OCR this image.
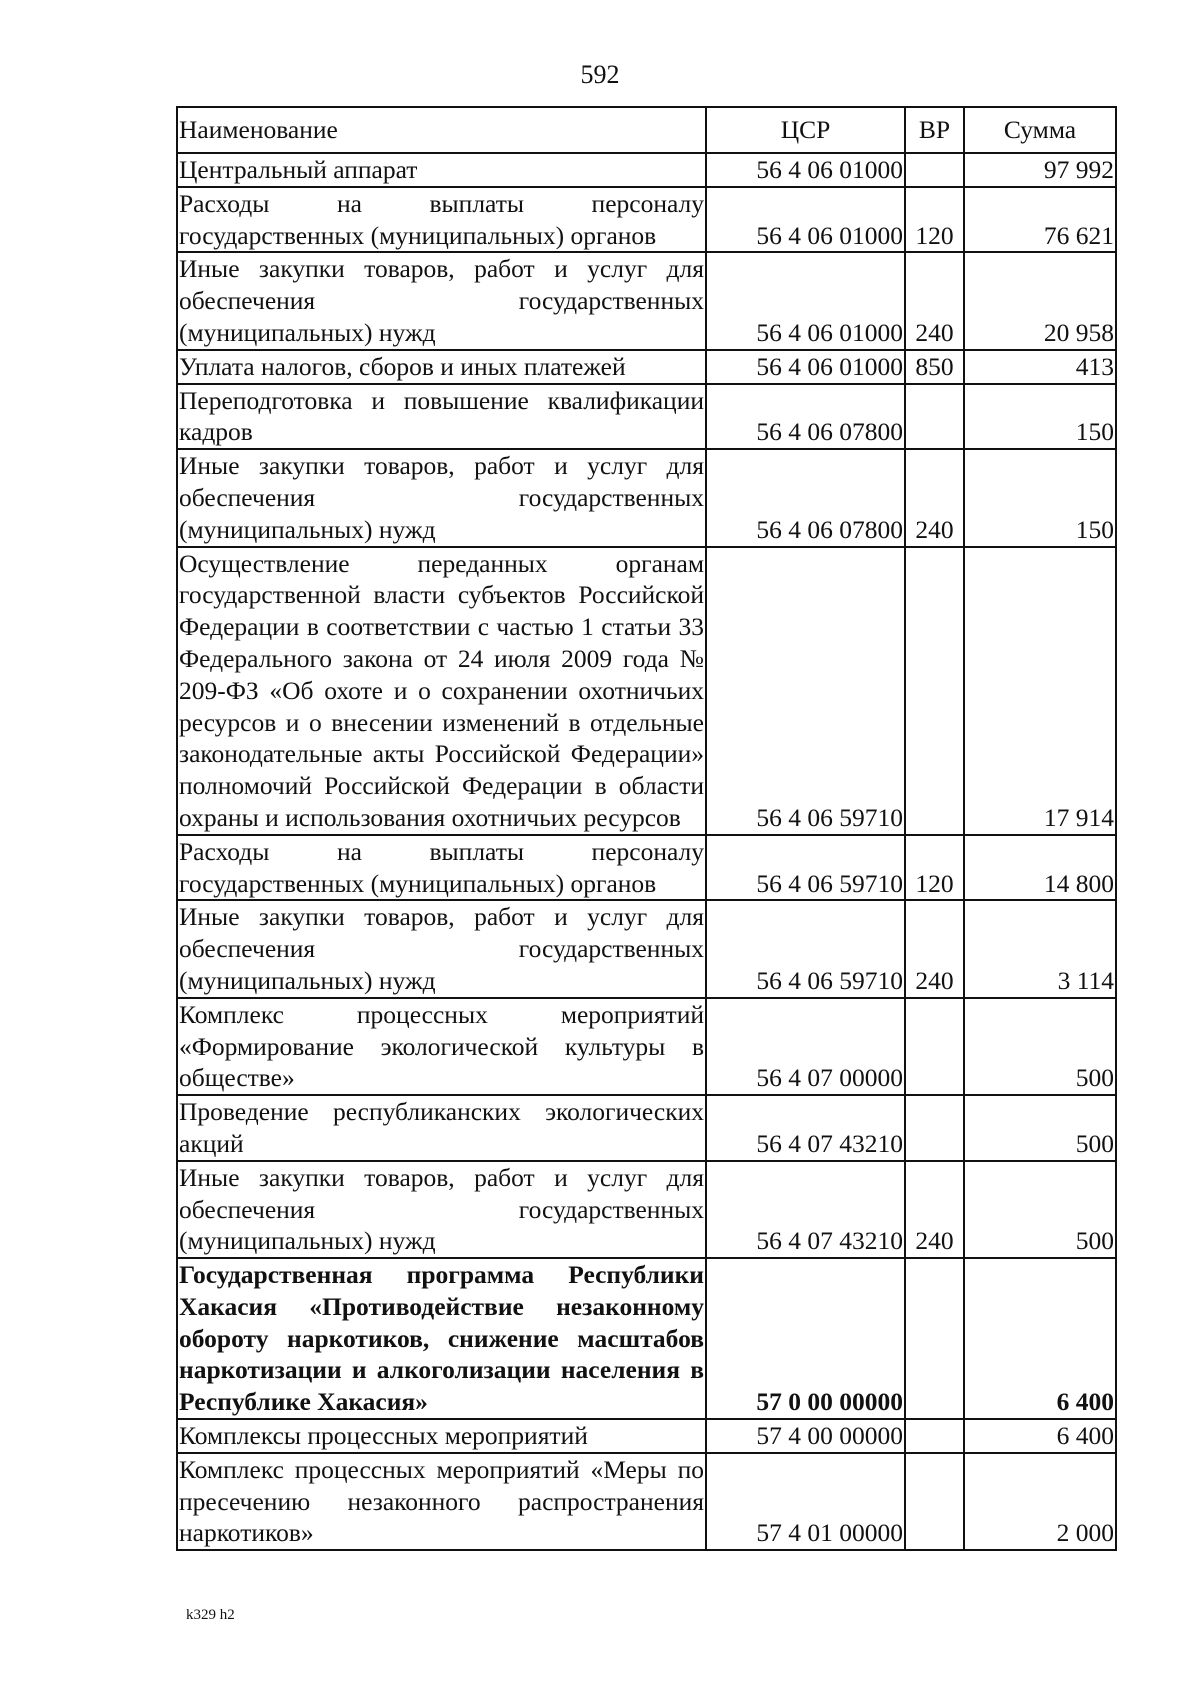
592
Наименование	ЦСР	ВР	Сумма
Центральный аппарат	56 4 06 01000		97 992
Расходы на выплаты персоналу государственных (муниципальных) органов	56 4 06 01000	120	76 621
Иные закупки товаров, работ и услуг для обеспечения государственных (муниципальных) нужд	56 4 06 01000	240	20 958
Уплата налогов, сборов и иных платежей	56 4 06 01000	850	413
Переподготовка и повышение квалификации кадров	56 4 06 07800		150
Иные закупки товаров, работ и услуг для обеспечения государственных (муниципальных) нужд	56 4 06 07800	240	150
Осуществление переданных органам государственной власти субъектов Российской Федерации в соответствии с частью 1 статьи 33 Федерального закона от 24 июля 2009 года № 209-ФЗ «Об охоте и о сохранении охотничьих ресурсов и о внесении изменений в отдельные законодательные акты Российской Федерации» полномочий Российской Федерации в области охраны и использования охотничьих ресурсов	56 4 06 59710		17 914
Расходы на выплаты персоналу государственных (муниципальных) органов	56 4 06 59710	120	14 800
Иные закупки товаров, работ и услуг для обеспечения государственных (муниципальных) нужд	56 4 06 59710	240	3 114
Комплекс процессных мероприятий «Формирование экологической культуры в обществе»	56 4 07 00000		500
Проведение республиканских экологических акций	56 4 07 43210		500
Иные закупки товаров, работ и услуг для обеспечения государственных (муниципальных) нужд	56 4 07 43210	240	500
Государственная программа Республики Хакасия «Противодействие незаконному обороту наркотиков, снижение масштабов наркотизации и алкоголизации населения в Республике Хакасия»	57 0 00 00000		6 400
Комплексы процессных мероприятий	57 4 00 00000		6 400
Комплекс процессных мероприятий «Меры по пресечению незаконного распространения наркотиков»	57 4 01 00000		2 000
k329 h2
